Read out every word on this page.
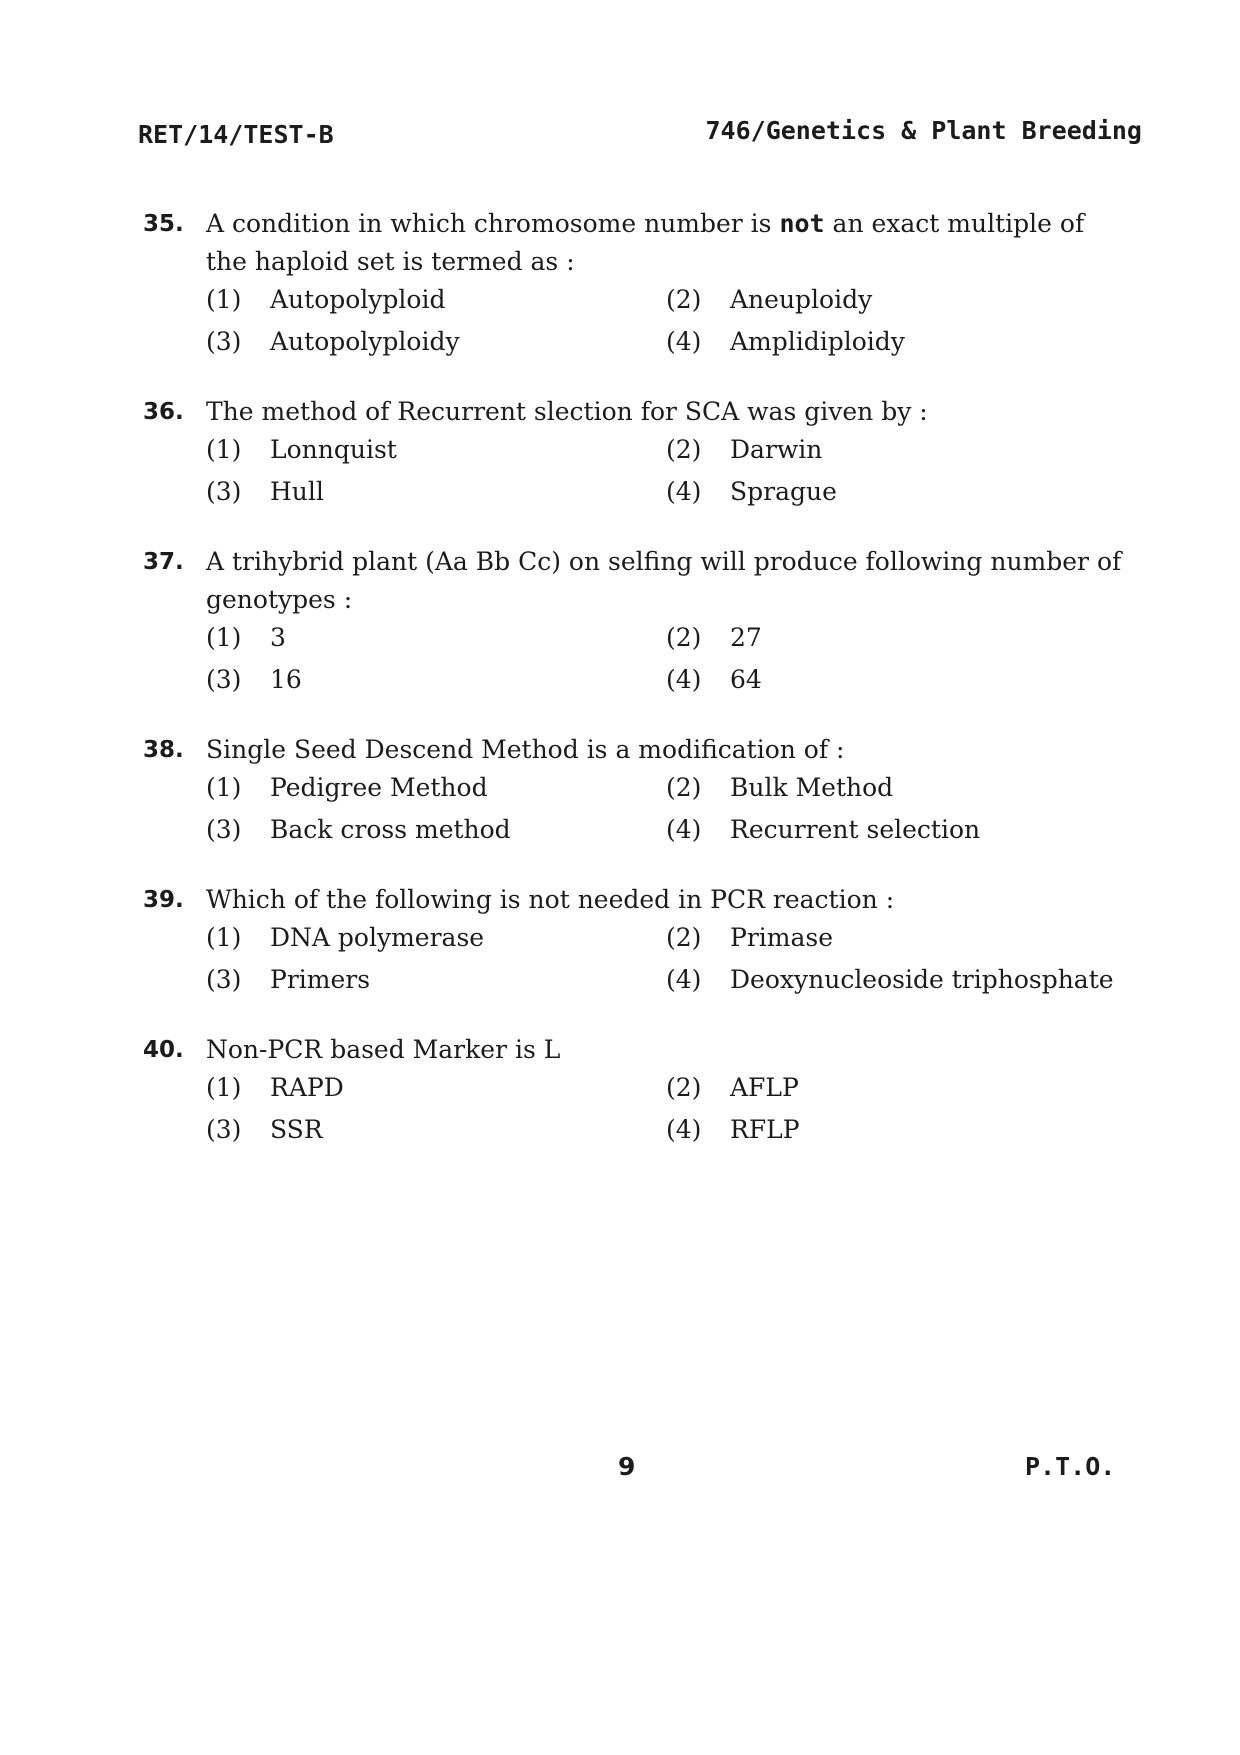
RET/14/TEST-B	746/Genetics & Plant Breeding
35. A condition in which chromosome number is not an exact multiple of the haploid set is termed as :
(1)	Autopolyploid	(2)	Aneuploidy
(3)	Autopolyploidy	(4)	Amplidiploidy
36. The method of Recurrent slection for SCA was given by :
(1)	Lonnquist	(2)	Darwin
(3)	Hull	(4)	Sprague
37. A trihybrid plant (Aa Bb Cc) on selfing will produce following number of genotypes :
(1)	3	(2)	27
(3)	16	(4)	64
38. Single Seed Descend Method is a modification of :
(1)	Pedigree Method	(2)	Bulk Method
(3)	Back cross method	(4)	Recurrent selection
39. Which of the following is not needed in PCR reaction :
(1)	DNA polymerase	(2)	Primase
(3)	Primers	(4)	Deoxynucleoside triphosphate
40. Non-PCR based Marker is L
(1)	RAPD	(2)	AFLP
(3)	SSR	(4)	RFLP
9	P.T.O.
